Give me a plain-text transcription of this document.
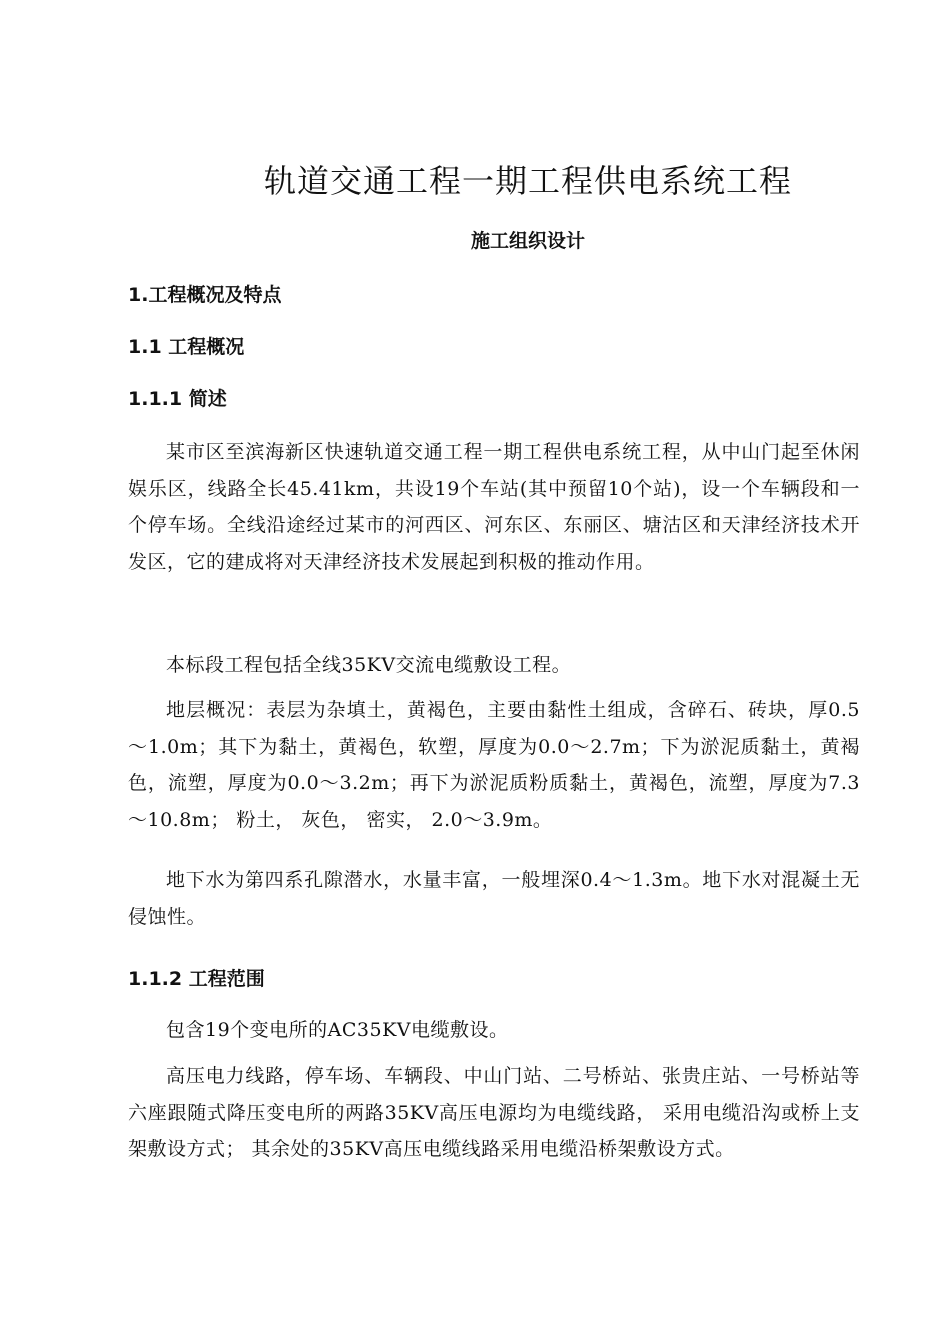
轨道交通工程一期工程供电系统工程
施工组织设计
1.工程概况及特点
1.1 工程概况
1.1.1 简述

某市区至滨海新区快速轨道交通工程一期工程供电系统工程，从中山门起至休闲娱乐区，线路全长45.41km，共设19个车站(其中预留10个站)，设一个车辆段和一个停车场。全线沿途经过某市的河西区、河东区、东丽区、塘沽区和天津经济技术开发区，它的建成将对天津经济技术发展起到积极的推动作用。

本标段工程包括全线35KV交流电缆敷设工程。

地层概况：表层为杂填土，黄褐色，主要由黏性土组成，含碎石、砖块，厚0.5～1.0m；其下为黏土，黄褐色，软塑，厚度为0.0～2.7m；下为淤泥质黏土，黄褐色，流塑，厚度为0.0～3.2m；再下为淤泥质粉质黏土，黄褐色，流塑，厚度为7.3～10.8m； 粉土， 灰色， 密实， 2.0～3.9m。

地下水为第四系孔隙潜水，水量丰富，一般埋深0.4～1.3m。地下水对混凝土无侵蚀性。

1.1.2 工程范围

包含19个变电所的AC35KV电缆敷设。

高压电力线路，停车场、车辆段、中山门站、二号桥站、张贵庄站、一号桥站等六座跟随式降压变电所的两路35KV高压电源均为电缆线路， 采用电缆沿沟或桥上支架敷设方式； 其余处的35KV高压电缆线路采用电缆沿桥架敷设方式。
